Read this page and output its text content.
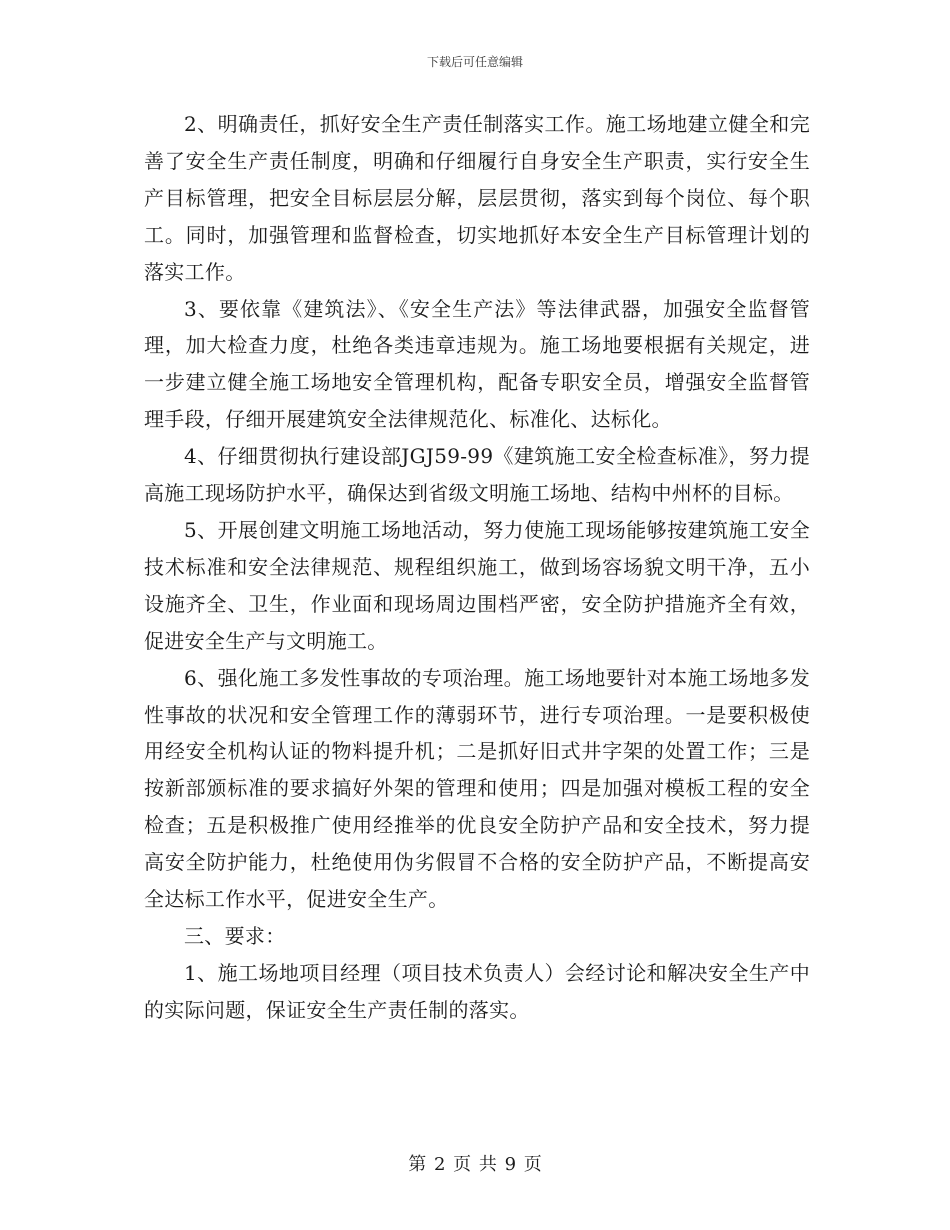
下载后可任意编辑

2、明确责任，抓好安全生产责任制落实工作。施工场地建立健全和完善了安全生产责任制度，明确和仔细履行自身安全生产职责，实行安全生产目标管理，把安全目标层层分解，层层贯彻，落实到每个岗位、每个职工。同时，加强管理和监督检查，切实地抓好本安全生产目标管理计划的落实工作。

3、要依靠《建筑法》、《安全生产法》等法律武器，加强安全监督管理，加大检查力度，杜绝各类违章违规为。施工场地要根据有关规定，进一步建立健全施工场地安全管理机构，配备专职安全员，增强安全监督管理手段，仔细开展建筑安全法律规范化、标准化、达标化。

4、仔细贯彻执行建设部JGJ59-99《建筑施工安全检查标准》，努力提高施工现场防护水平，确保达到省级文明施工场地、结构中州杯的目标。

5、开展创建文明施工场地活动，努力使施工现场能够按建筑施工安全技术标准和安全法律规范、规程组织施工，做到场容场貌文明干净，五小设施齐全、卫生，作业面和现场周边围档严密，安全防护措施齐全有效，促进安全生产与文明施工。

6、强化施工多发性事故的专项治理。施工场地要针对本施工场地多发性事故的状况和安全管理工作的薄弱环节，进行专项治理。一是要积极使用经安全机构认证的物料提升机；二是抓好旧式井字架的处置工作；三是按新部颁标准的要求搞好外架的管理和使用；四是加强对模板工程的安全检查；五是积极推广使用经推举的优良安全防护产品和安全技术，努力提高安全防护能力，杜绝使用伪劣假冒不合格的安全防护产品，不断提高安全达标工作水平，促进安全生产。

三、要求：

1、施工场地项目经理（项目技术负责人）会经讨论和解决安全生产中的实际问题，保证安全生产责任制的落实。

第 2 页 共 9 页
